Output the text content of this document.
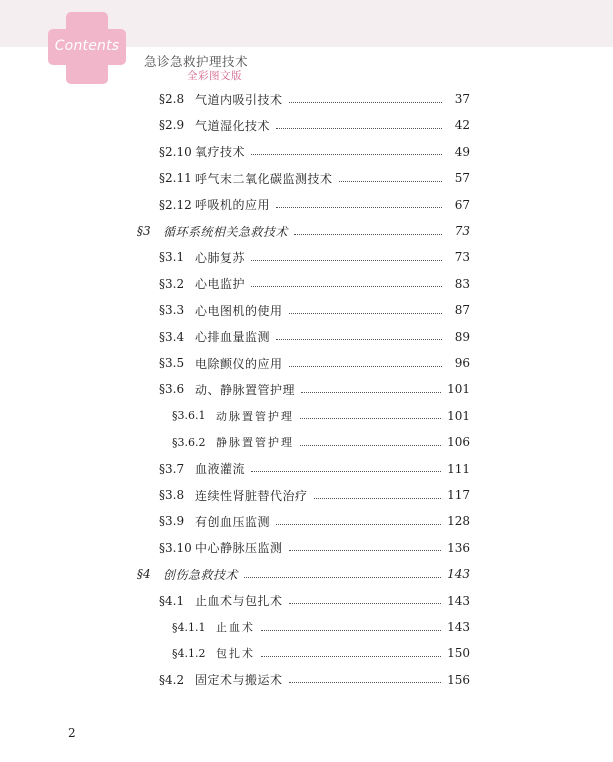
Contents
急诊急救护理技术
全彩图文版
§2.8 气道内吸引技术	37
§2.9 气道湿化技术	42
§2.10 氧疗技术	49
§2.11 呼气末二氧化碳监测技术	57
§2.12 呼吸机的应用	67
§3	循环系统相关急救技术	73
§3.1 心肺复苏	73
§3.2 心电监护	83
§3.3 心电图机的使用	87
§3.4 心排血量监测	89
§3.5 电除颤仪的应用	96
§3.6 动、静脉置管护理	101
§3.6.1 动脉置管护理	101
§3.6.2 静脉置管护理	106
§3.7 血液灌流	111
§3.8 连续性肾脏替代治疗	117
§3.9 有创血压监测	128
§3.10 中心静脉压监测	136
§4	创伤急救技术	143
§4.1 止血术与包扎术	143
§4.1.1 止血术	143
§4.1.2 包扎术	150
§4.2 固定术与搬运术	156
2
